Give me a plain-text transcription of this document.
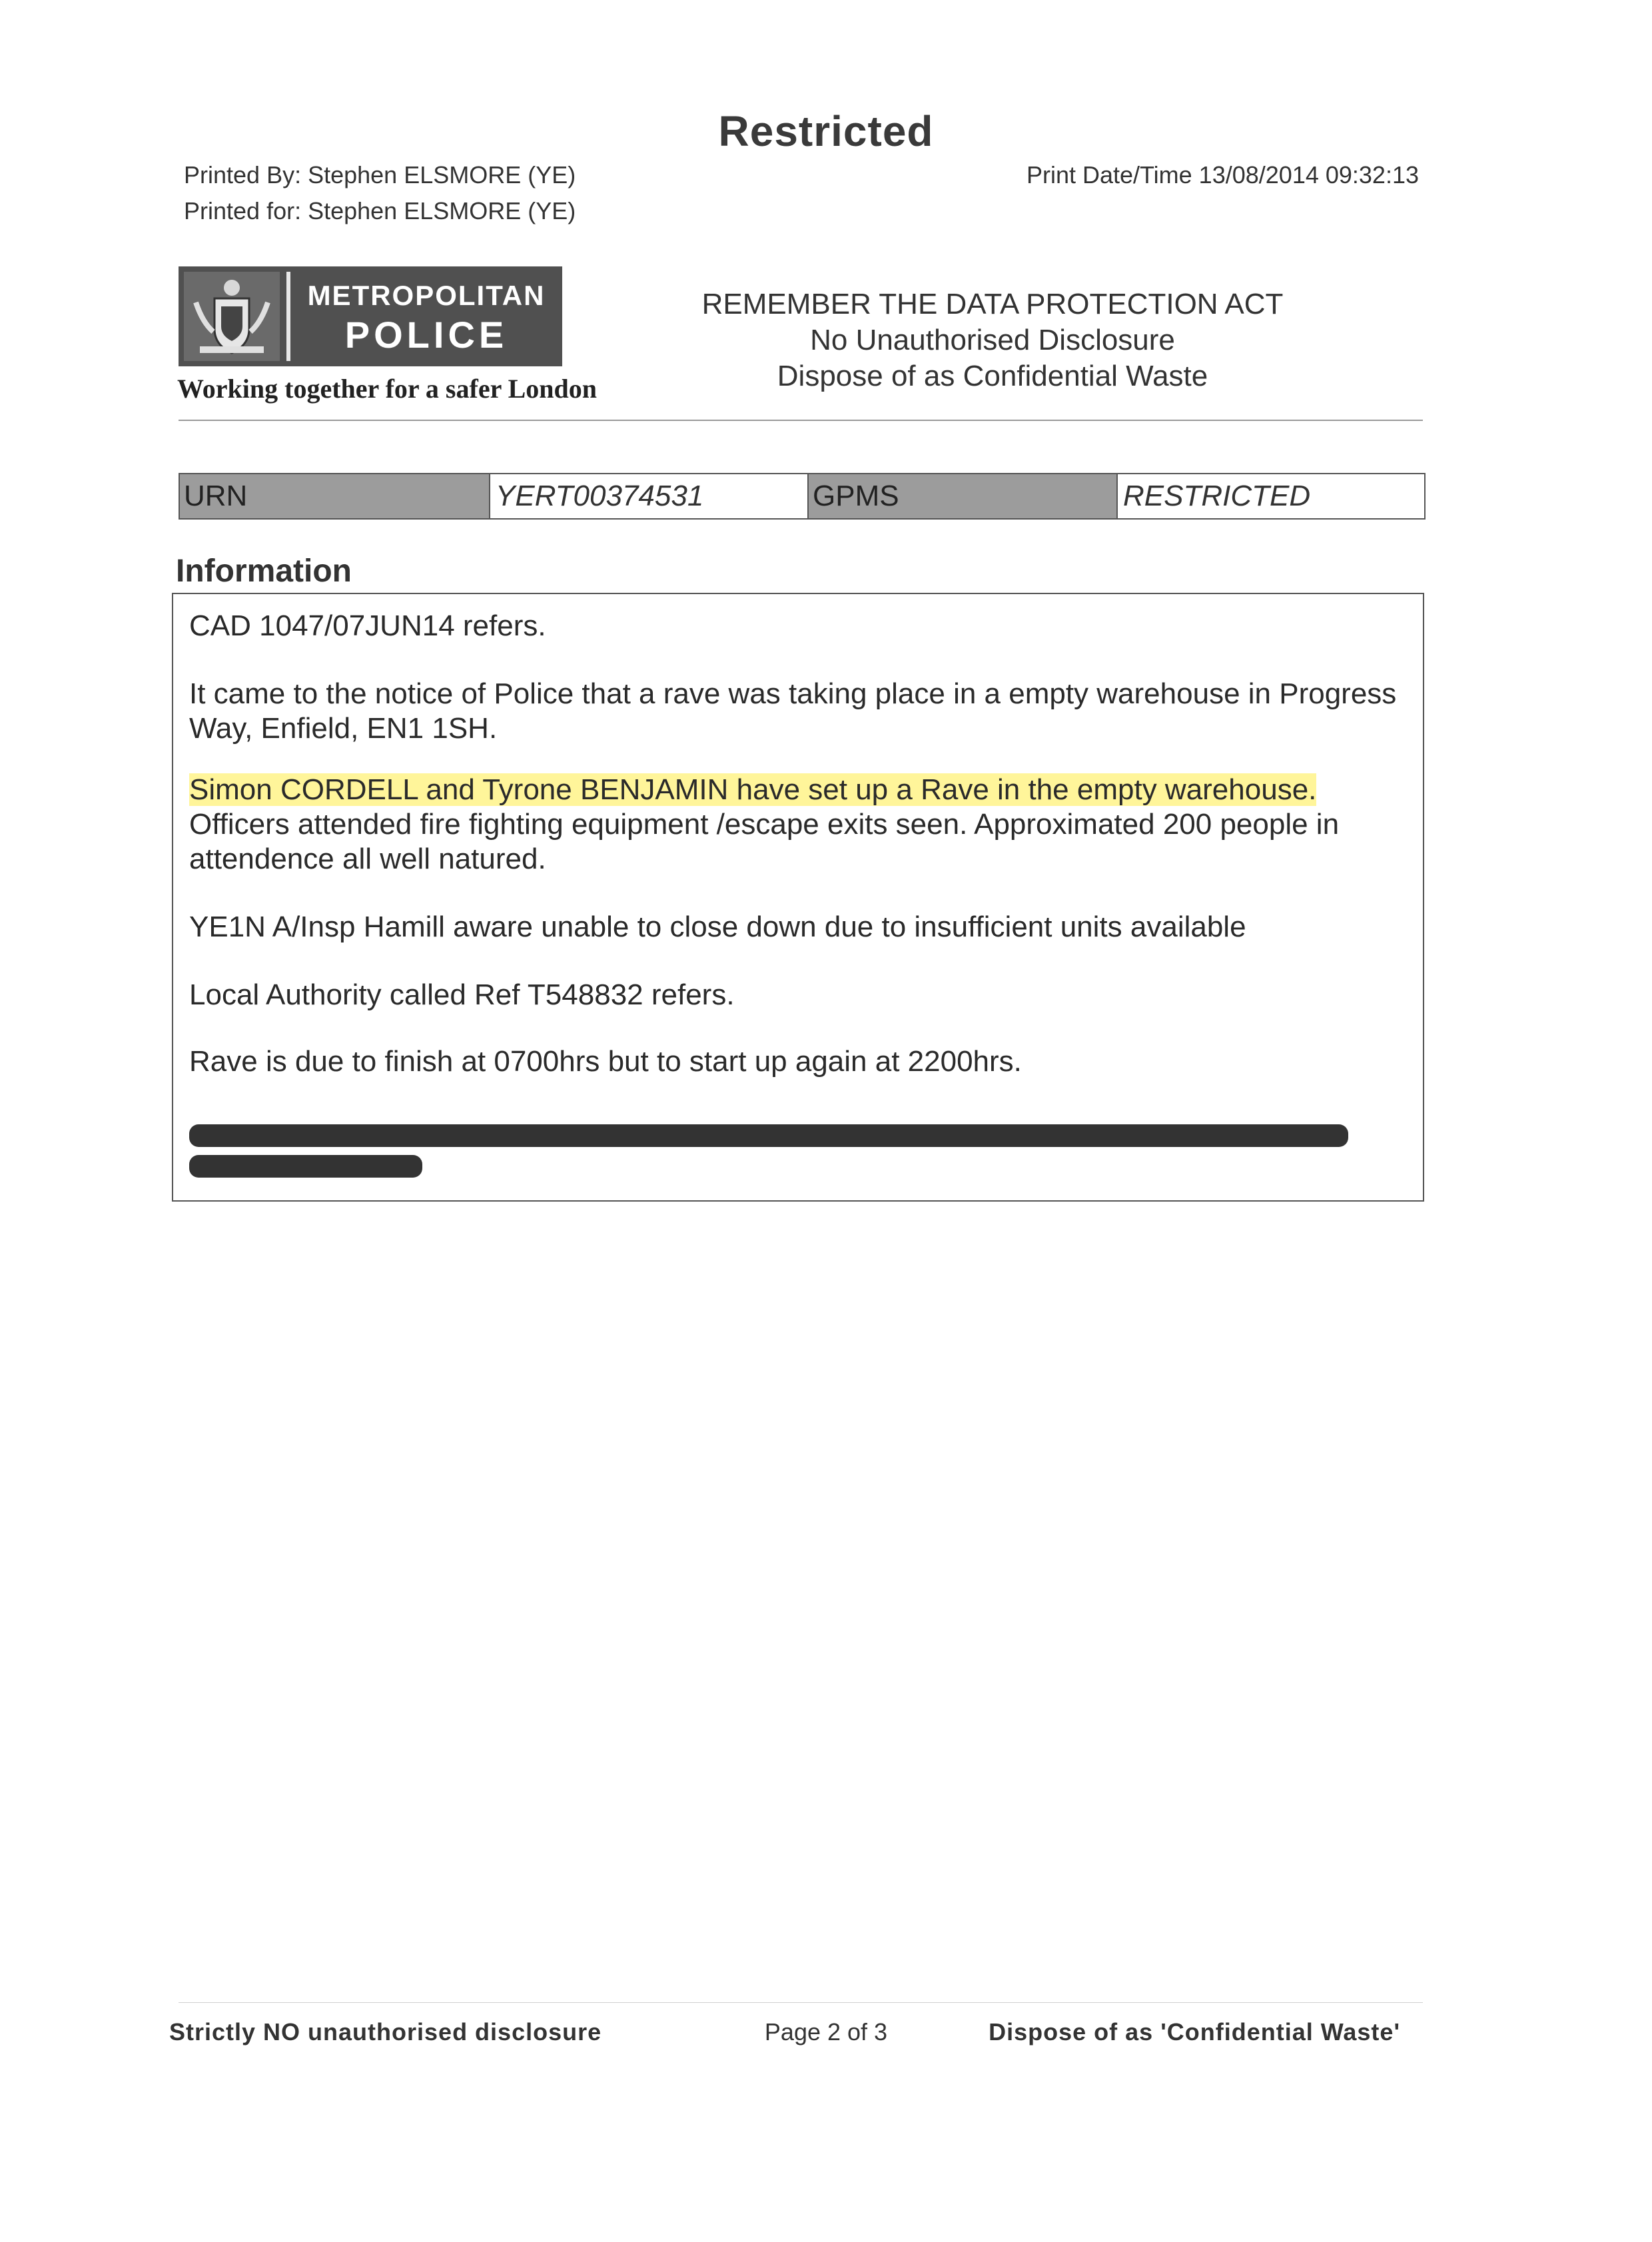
Restricted
Printed By: Stephen ELSMORE (YE)
Printed for: Stephen ELSMORE (YE)
Print Date/Time 13/08/2014 09:32:13
METROPOLITAN
POLICE
Working together for a safer London
REMEMBER THE DATA PROTECTION ACT
No Unauthorised Disclosure
Dispose of as Confidential Waste
URN	YERT00374531	GPMS	RESTRICTED
Information
CAD 1047/07JUN14 refers.
It came to the notice of Police that a rave was taking place in a empty warehouse in Progress Way, Enfield, EN1 1SH.
Simon CORDELL and Tyrone BENJAMIN have set up a Rave in the empty warehouse. Officers attended fire fighting equipment /escape exits seen. Approximated 200 people in attendence all well natured.
YE1N A/Insp Hamill aware unable to close down due to insufficient units available
Local Authority called Ref T548832 refers.
Rave is due to finish at 0700hrs but to start up again at 2200hrs.
Strictly NO unauthorised disclosure	Page 2 of 3	Dispose of as 'Confidential Waste'
